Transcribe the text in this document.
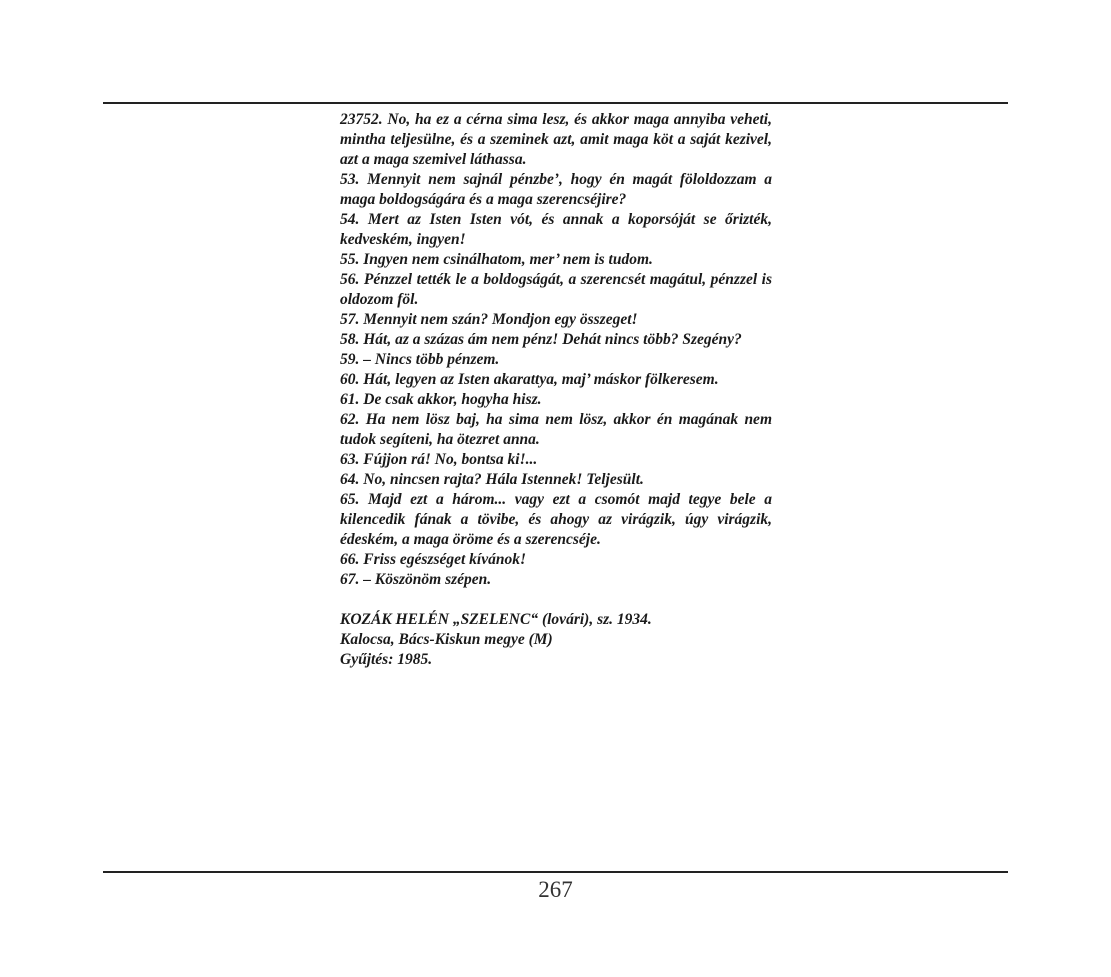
23752. No, ha ez a cérna sima lesz, és akkor maga annyiba veheti, mintha teljesülne, és a szeminek azt, amit maga köt a saját kezivel, azt a maga szemivel láthassa.

53. Mennyit nem sajnál pénzbe’, hogy én magát föloldozzam a maga boldogságára és a maga szerencséjire?

54. Mert az Isten Isten vót, és annak a koporsóját se őrizték, kedveském, ingyen!

55. Ingyen nem csinálhatom, mer’ nem is tudom.

56. Pénzzel tették le a boldogságát, a szerencsét magátul, pénzzel is oldozom föl.

57. Mennyit nem szán? Mondjon egy összeget!

58. Hát, az a százas ám nem pénz! Dehát nincs több? Szegény?

59. – Nincs több pénzem.

60. Hát, legyen az Isten akarattya, maj’ máskor fölkeresem.

61. De csak akkor, hogyha hisz.

62. Ha nem lösz baj, ha sima nem lösz, akkor én magának nem tudok segíteni, ha ötezret anna.

63. Fújjon rá! No, bontsa ki!...

64. No, nincsen rajta? Hála Istennek! Teljesült.

65. Majd ezt a három... vagy ezt a csomót majd tegye bele a kilencedik fának a tövibe, és ahogy az virágzik, úgy virágzik, édeském, a maga öröme és a szerencséje.

66. Friss egészséget kívánok!

67. – Köszönöm szépen.

KOZÁK HELÉN „SZELENC“ (lovári), sz. 1934.

Kalocsa, Bács-Kiskun megye (M)

Gyűjtés: 1985.

267
